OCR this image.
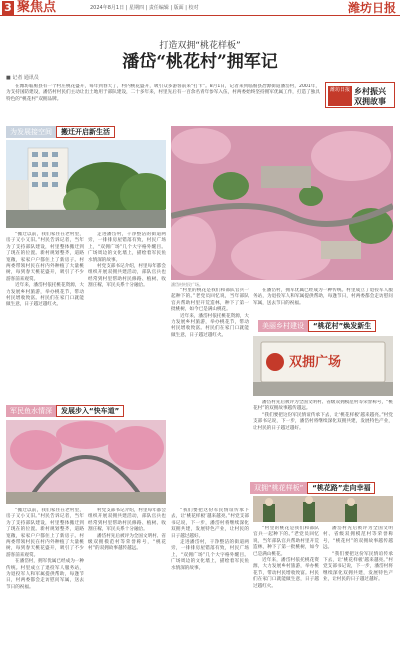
3 聚焦点	2024年8月1日 | 星期四 | 责任编辑 | 版面 | 校对	潍坊日报
打造双拥“桃花样板”
潘岱“桃花村”拥军记
■ 记者 通讯员

在潍坊临朐县有一个村庄桃花盛开，每年到春天了，村内桃花盛开，吸引众多游客前来“打卡”。8月1日，记者来到临朐县冶源街道潘岱村，2001年，为支持国防建设，潘岱村村民们主动让出土地用于部队建设，二十多年来，村里先后有一百余名青年参军入伍，村两委始终坚持拥军优属工作，打造了独具特色的“桃花村”双拥品牌。

潍坊日报 乡村振兴 双拥故事
为发展接空间	搬迁开启新生活
潘岱村村民广场。

“搬迁以前，我们家住在老村里，房子又小又旧。”村民告诉记者，当年为了支持部队建设，村里整体搬迁到了现在的位置。新村规划整齐，道路宽敞，家家户户都住上了新房子。村两委带领村民在村内外种植了大量桃树，每到春天桃花盛开，吸引了不少游客前来观赏。

近年来，潘岱村依托桃花资源，大力发展乡村旅游，举办桃花节，带动村民增收致富。村民们在家门口就能做生意，日子越过越红火。

走进潘岱村，干净整洁的街道两旁，一排排房屋错落有致，村民广场上，“双拥广场”几个大字格外醒目。广场周边的文化墙上，描绘着军民鱼水情深的故事。

村党支部书记介绍，村里每年都会组织开展双拥共建活动，部队官兵也经常到村里帮助村民修路、植树、收割庄稼，军民关系十分融洽。

“村里的桃花是我们和部队官兵一起种下的。”老党员回忆说，当年部队官兵帮助村里开荒造林，种下了第一批桃树，如今已是满山桃花。

近年来，潘岱村依托桃花资源，大力发展乡村旅游，举办桃花节，带动村民增收致富。村民们在家门口就能做生意，日子越过越红火。

在潘岱村，拥军优属已经成为一种传统。村里成立了退役军人服务站，为退役军人和军属提供帮助，每逢节日，村两委都会走访慰问军属，送去节日的祝福。

美丽乡村建设	“桃花村”焕发新生
双拥广场

潘岱村先后被评为全国文明村、省级双拥模范村等荣誉称号，“桃花村”的双拥故事越传越远。

“我们要把这份军民情谊传承下去，让‘桃花样板’越来越亮。”村党支部书记说，下一步，潘岱村将继续深化双拥共建，发展特色产业，让村民的日子越过越好。

军民鱼水情深	发展步入“快车道”
双拥“桃花样板”	“桃花路”走向幸福

“搬迁以前，我们家住在老村里，房子又小又旧。”村民告诉记者，当年为了支持部队建设，村里整体搬迁到了现在的位置。新村规划整齐，道路宽敞，家家户户都住上了新房子。村两委带领村民在村内外种植了大量桃树，每到春天桃花盛开，吸引了不少游客前来观赏。

在潘岱村，拥军优属已经成为一种传统。村里成立了退役军人服务站，为退役军人和军属提供帮助，每逢节日，村两委都会走访慰问军属，送去节日的祝福。

村党支部书记介绍，村里每年都会组织开展双拥共建活动，部队官兵也经常到村里帮助村民修路、植树、收割庄稼，军民关系十分融洽。

潘岱村先后被评为全国文明村、省级双拥模范村等荣誉称号，“桃花村”的双拥故事越传越远。

“我们要把这份军民情谊传承下去，让‘桃花样板’越来越亮。”村党支部书记说，下一步，潘岱村将继续深化双拥共建，发展特色产业，让村民的日子越过越好。

走进潘岱村，干净整洁的街道两旁，一排排房屋错落有致，村民广场上，“双拥广场”几个大字格外醒目。广场周边的文化墙上，描绘着军民鱼水情深的故事。

“村里的桃花是我们和部队官兵一起种下的。”老党员回忆说，当年部队官兵帮助村里开荒造林，种下了第一批桃树，如今已是满山桃花。

近年来，潘岱村依托桃花资源，大力发展乡村旅游，举办桃花节，带动村民增收致富。村民们在家门口就能做生意，日子越过越红火。

潘岱村先后被评为全国文明村、省级双拥模范村等荣誉称号，“桃花村”的双拥故事越传越远。

“我们要把这份军民情谊传承下去，让‘桃花样板’越来越亮。”村党支部书记说，下一步，潘岱村将继续深化双拥共建，发展特色产业，让村民的日子越过越好。
